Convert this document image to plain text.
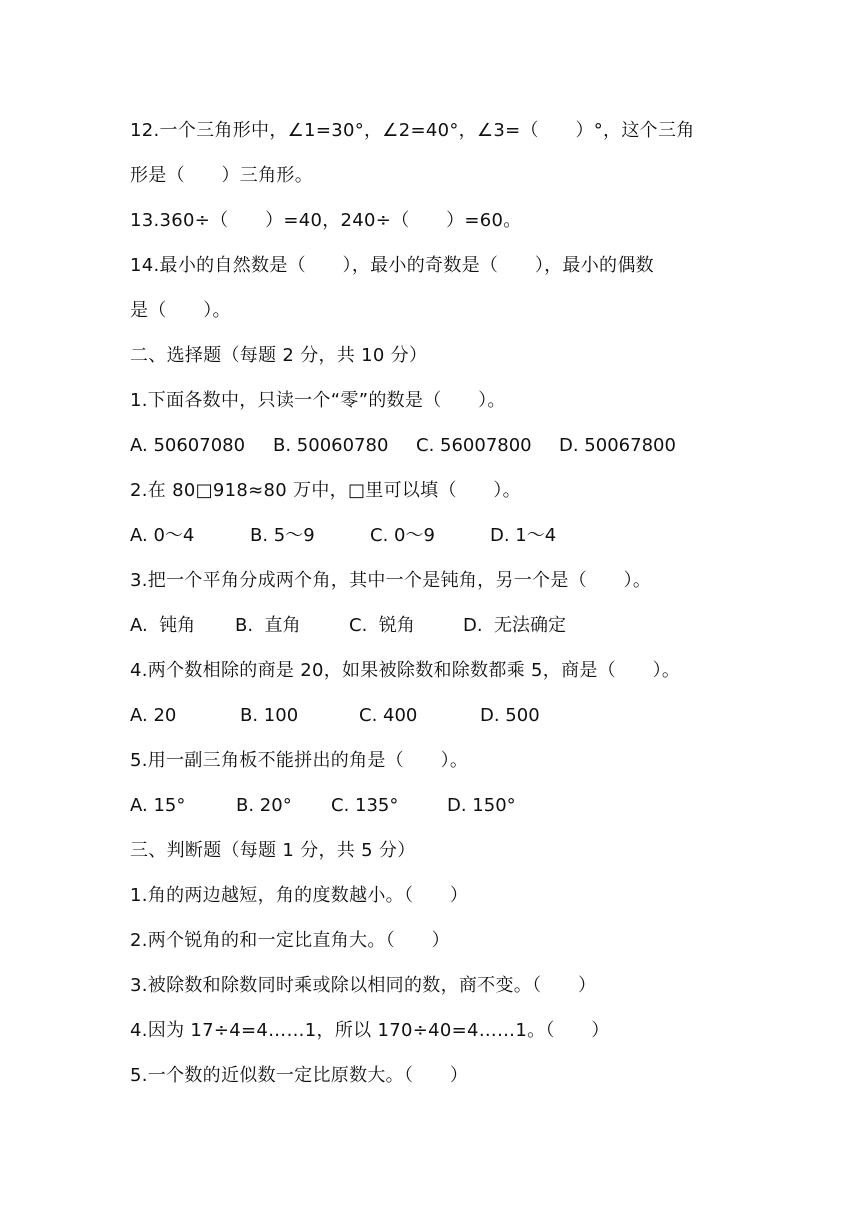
12.一个三角形中，∠1=30°，∠2=40°，∠3=（　　）°，这个三角
形是（　　）三角形。
13.360÷（　　）=40，240÷（　　）=60。
14.最小的自然数是（　　），最小的奇数是（　　），最小的偶数
是（　　）。
二、选择题（每题 2 分，共 10 分）
1.下面各数中，只读一个“零”的数是（　　）。
A. 50607080	B. 50060780	C. 56007800	D. 50067800
2.在 80□918≈80 万中，□里可以填（　　）。
A. 0～4	B. 5～9	C. 0～9	D. 1～4
3.把一个平角分成两个角，其中一个是钝角，另一个是（　　）。
A.  钝角	B.  直角	C.  锐角	D.  无法确定
4.两个数相除的商是 20，如果被除数和除数都乘 5，商是（　　）。
A. 20	B. 100	C. 400	D. 500
5.用一副三角板不能拼出的角是（　　）。
A. 15°	B. 20°	C. 135°	D. 150°
三、判断题（每题 1 分，共 5 分）
1.角的两边越短，角的度数越小。（　　）
2.两个锐角的和一定比直角大。（　　）
3.被除数和除数同时乘或除以相同的数，商不变。（　　）
4.因为 17÷4=4……1，所以 170÷40=4……1。（　　）
5.一个数的近似数一定比原数大。（　　）
